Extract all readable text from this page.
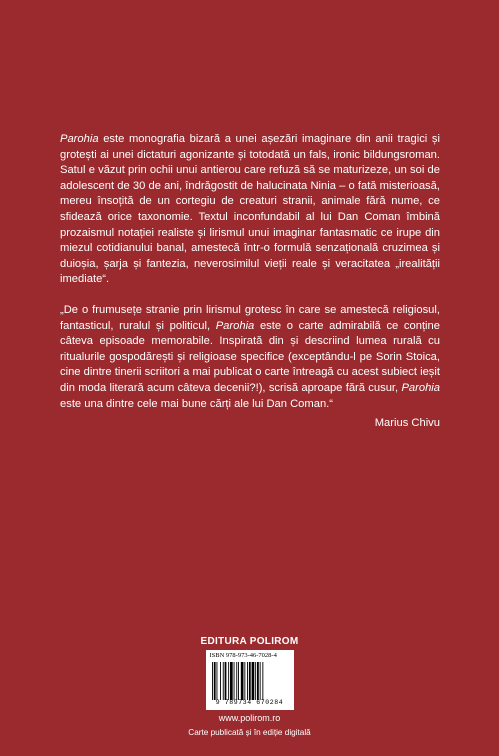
Parohia este monografia bizară a unei așezări imaginare din anii tragici și grotești ai unei dictaturi agonizante și totodată un fals, ironic bildungsroman. Satul e văzut prin ochii unui antierou care refuză să se maturizeze, un soi de adolescent de 30 de ani, îndrăgostit de halucinata Ninia – o fată misterioasă, mereu însoțită de un cortegiu de creaturi stranii, animale fără nume, ce sfidează orice taxonomie. Textul inconfundabil al lui Dan Coman îmbină prozaismul notației realiste și lirismul unui imaginar fantasmatic ce irupe din miezul cotidianului banal, amestecă într-o formulă senzațională cruzimea și duioșia, șarja și fantezia, neverosimilul vieții reale și veracitatea „irealității imediate“.

„De o frumusețe stranie prin lirismul grotesc în care se amestecă religiosul, fantasticul, ruralul și politicul, Parohia este o carte admirabilă ce conține câteva episoade memorabile. Inspirată din și descriind lumea rurală cu ritualurile gospodărești și religioase specifice (exceptându-l pe Sorin Stoica, cine dintre tinerii scriitori a mai publicat o carte întreagă cu acest subiect ieșit din moda literară acum câteva decenii?!), scrisă aproape fără cusur, Parohia este una dintre cele mai bune cărți ale lui Dan Coman.“

Marius Chivu
EDITURA POLIROM
ISBN 978-973-46-7028-4
9 789734 670284
www.polirom.ro
Carte publicată și în ediție digitală
